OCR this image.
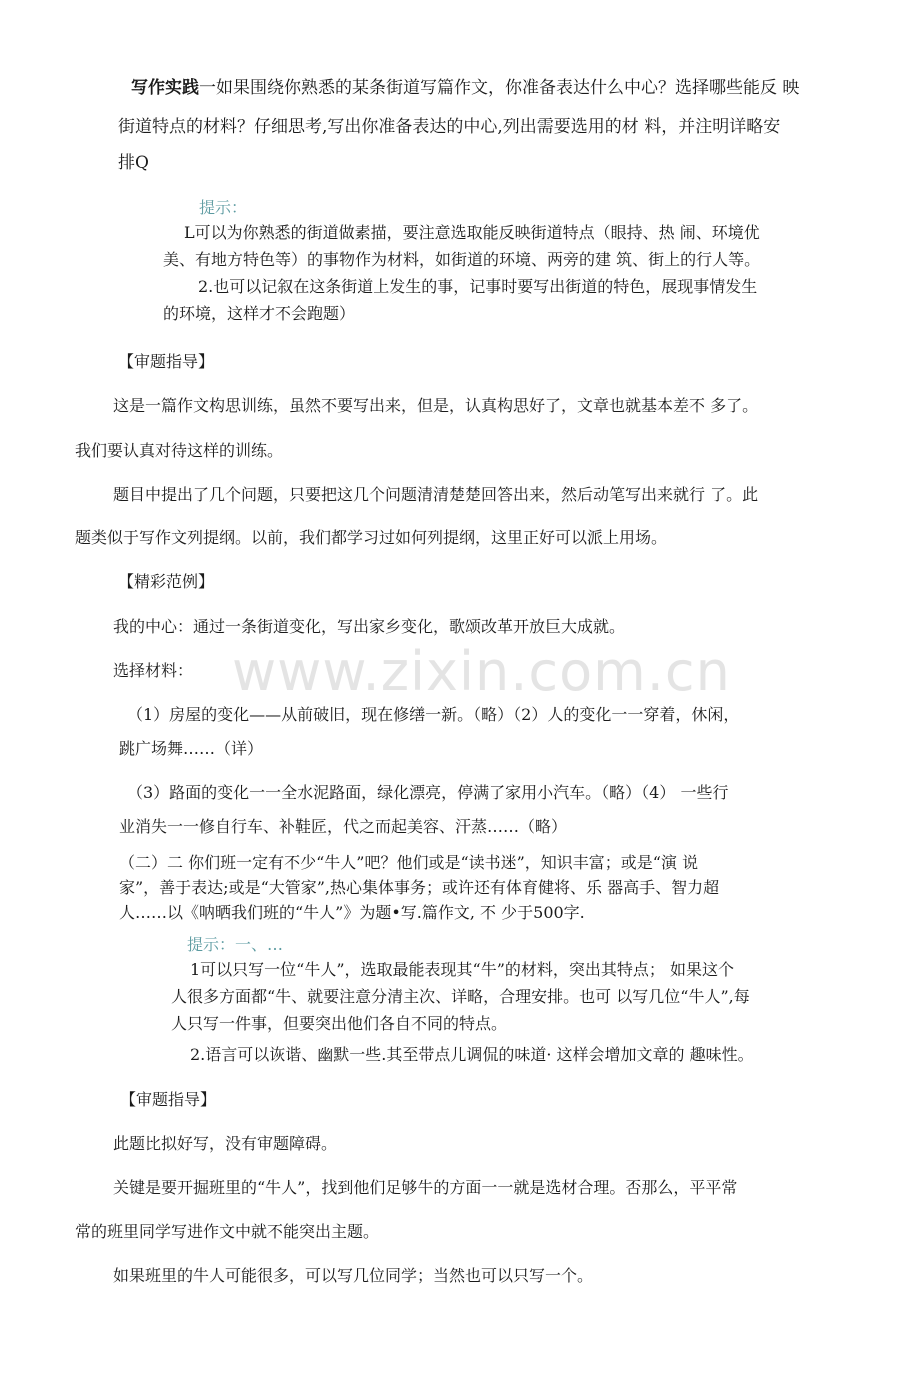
www.zixin.com.cn

写作实践一如果围绕你熟悉的某条街道写篇作文，你准备表达什么中心？选择哪些能反 映

街道特点的材料？仔细思考,写出你准备表达的中心,列出需要选用的材 料，并注明详略安

排Q

提示：

L可以为你熟悉的街道做素描，要注意选取能反映街道特点（眼持、热 闹、环境优

美、有地方特色等）的事物作为材料，如街道的环境、两旁的建 筑、街上的行人等。

2.也可以记叙在这条街道上发生的事，记事时要写出街道的特色，展现事情发生

的环境，这样才不会跑题）

【审题指导】

这是一篇作文构思训练，虽然不要写出来，但是，认真构思好了，文章也就基本差不 多了。

我们要认真对待这样的训练。

题目中提出了几个问题，只要把这几个问题清清楚楚回答出来，然后动笔写出来就行 了。此

题类似于写作文列提纲。以前，我们都学习过如何列提纲，这里正好可以派上用场。

【精彩范例】

我的中心：通过一条街道变化，写出家乡变化，歌颂改革开放巨大成就。

选择材料：

（1）房屋的变化——从前破旧，现在修缮一新。（略）（2）人的变化一一穿着，休闲，

跳广场舞……（详）

（3）路面的变化一一全水泥路面，绿化漂亮，停满了家用小汽车。（略）（4） 一些行

业消失一一修自行车、补鞋匠，代之而起美容、汗蒸……（略）

（二）二 你们班一定有不少“牛人”吧？他们或是“读书迷”，知识丰富；或是“演 说

家”，善于表达;或是“大管家”,热心集体事务；或许还有体育健将、乐 器高手、智力超

人……以《呐晒我们班的“牛人”》为题•写.篇作文, 不 少于500字.

提示：一、…

1可以只写一位“牛人”，选取最能表现其“牛”的材料，突出其特点； 如果这个

人很多方面都“牛、就要注意分清主次、详略，合理安排。也可 以写几位“牛人”,每

人只写一件事，但要突出他们各自不同的特点。

2.语言可以诙谐、幽默一些.其至带点儿调侃的味道· 这样会增加文章的 趣味性。

【审题指导】

此题比拟好写，没有审题障碍。

关键是要开掘班里的“牛人”，找到他们足够牛的方面一一就是选材合理。否那么，平平常

常的班里同学写进作文中就不能突出主题。

如果班里的牛人可能很多，可以写几位同学；当然也可以只写一个。
